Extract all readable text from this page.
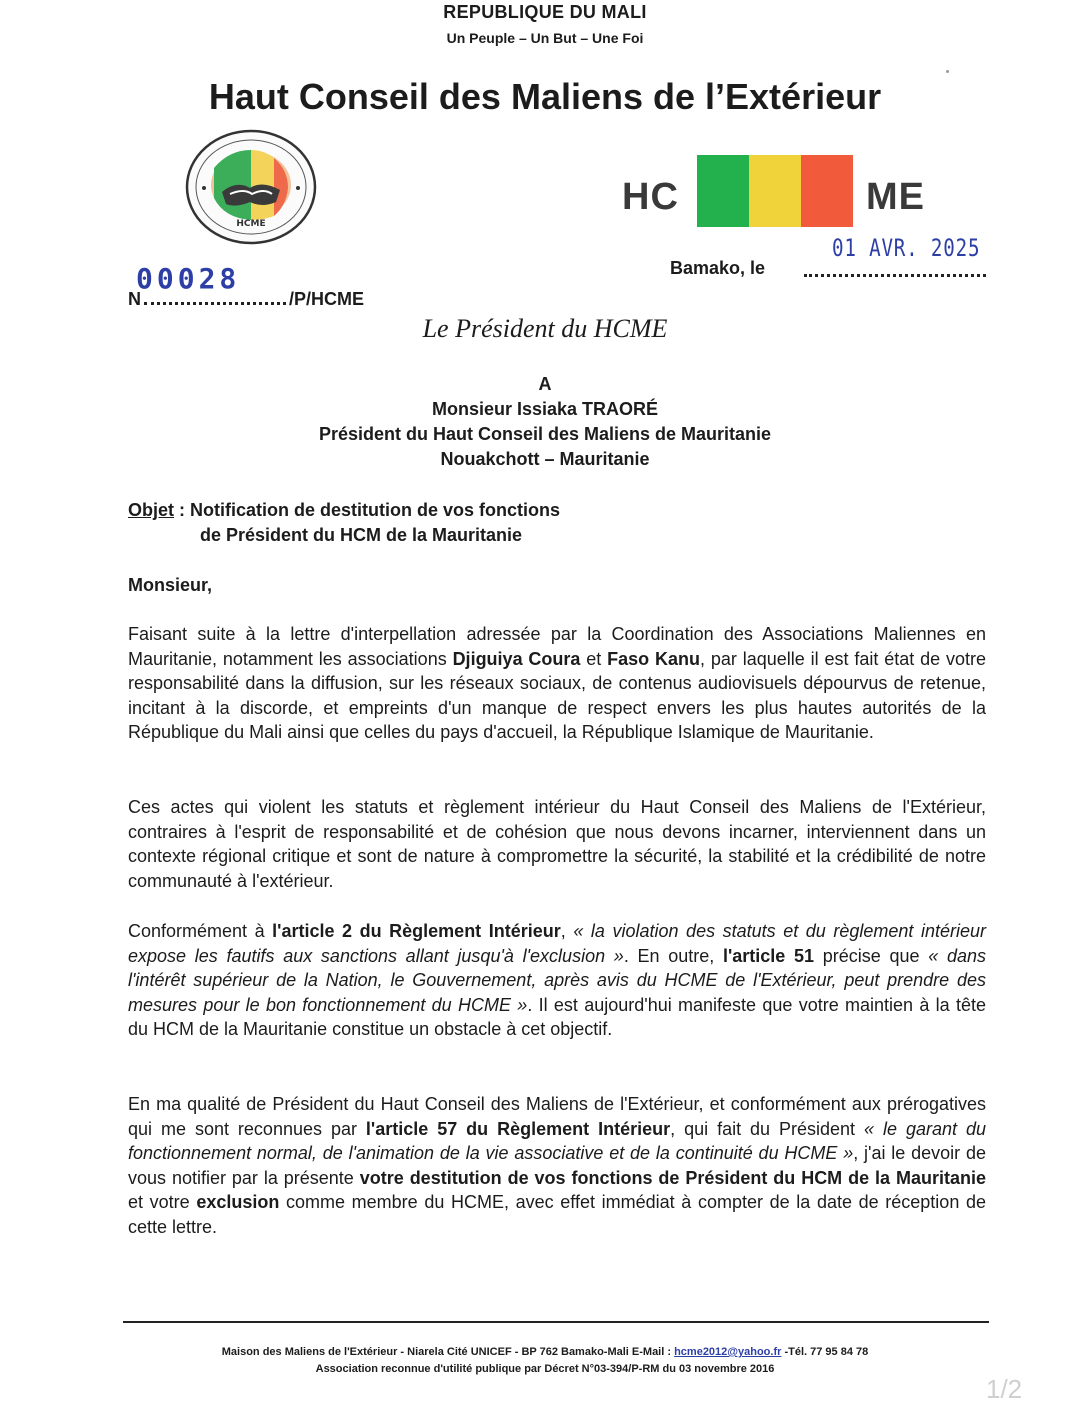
REPUBLIQUE DU MALI
Un Peuple – Un But – Une Foi
Haut Conseil des Maliens de l’Extérieur
HCME
HC	ME
01 AVR. 2025
Bamako, le
00028
N	/P/HCME
Le Président du HCME
A
Monsieur Issiaka TRAORÉ
Président du Haut Conseil des Maliens de Mauritanie
Nouakchott – Mauritanie
Objet : Notification de destitution de vos fonctions
de Président du HCM de la Mauritanie
Monsieur,
Faisant suite à la lettre d'interpellation adressée par la Coordination des Associations Maliennes en Mauritanie, notamment les associations Djiguiya Coura et Faso Kanu, par laquelle il est fait état de votre responsabilité dans la diffusion, sur les réseaux sociaux, de contenus audiovisuels dépourvus de retenue, incitant à la discorde, et empreints d'un manque de respect envers les plus hautes autorités de la République du Mali ainsi que celles du pays d'accueil, la République Islamique de Mauritanie.
Ces actes qui violent les statuts et règlement intérieur du Haut Conseil des Maliens de l'Extérieur, contraires à l'esprit de responsabilité et de cohésion que nous devons incarner, interviennent dans un contexte régional critique et sont de nature à compromettre la sécurité, la stabilité et la crédibilité de notre communauté à l'extérieur.
Conformément à l'article 2 du Règlement Intérieur, « la violation des statuts et du règlement intérieur expose les fautifs aux sanctions allant jusqu'à l'exclusion ». En outre, l'article 51 précise que « dans l'intérêt supérieur de la Nation, le Gouvernement, après avis du HCME de l'Extérieur, peut prendre des mesures pour le bon fonctionnement du HCME ». Il est aujourd'hui manifeste que votre maintien à la tête du HCM de la Mauritanie constitue un obstacle à cet objectif.
En ma qualité de Président du Haut Conseil des Maliens de l'Extérieur, et conformément aux prérogatives qui me sont reconnues par l'article 57 du Règlement Intérieur, qui fait du Président « le garant du fonctionnement normal, de l'animation de la vie associative et de la continuité du HCME », j'ai le devoir de vous notifier par la présente votre destitution de vos fonctions de Président du HCM de la Mauritanie et votre exclusion comme membre du HCME, avec effet immédiat à compter de la date de réception de cette lettre.
Maison des Maliens de l'Extérieur - Niarela Cité UNICEF - BP 762 Bamako-Mali E-Mail : hcme2012@yahoo.fr -Tél. 77 95 84 78
Association reconnue d'utilité publique par Décret N°03-394/P-RM du 03 novembre 2016
1/2
